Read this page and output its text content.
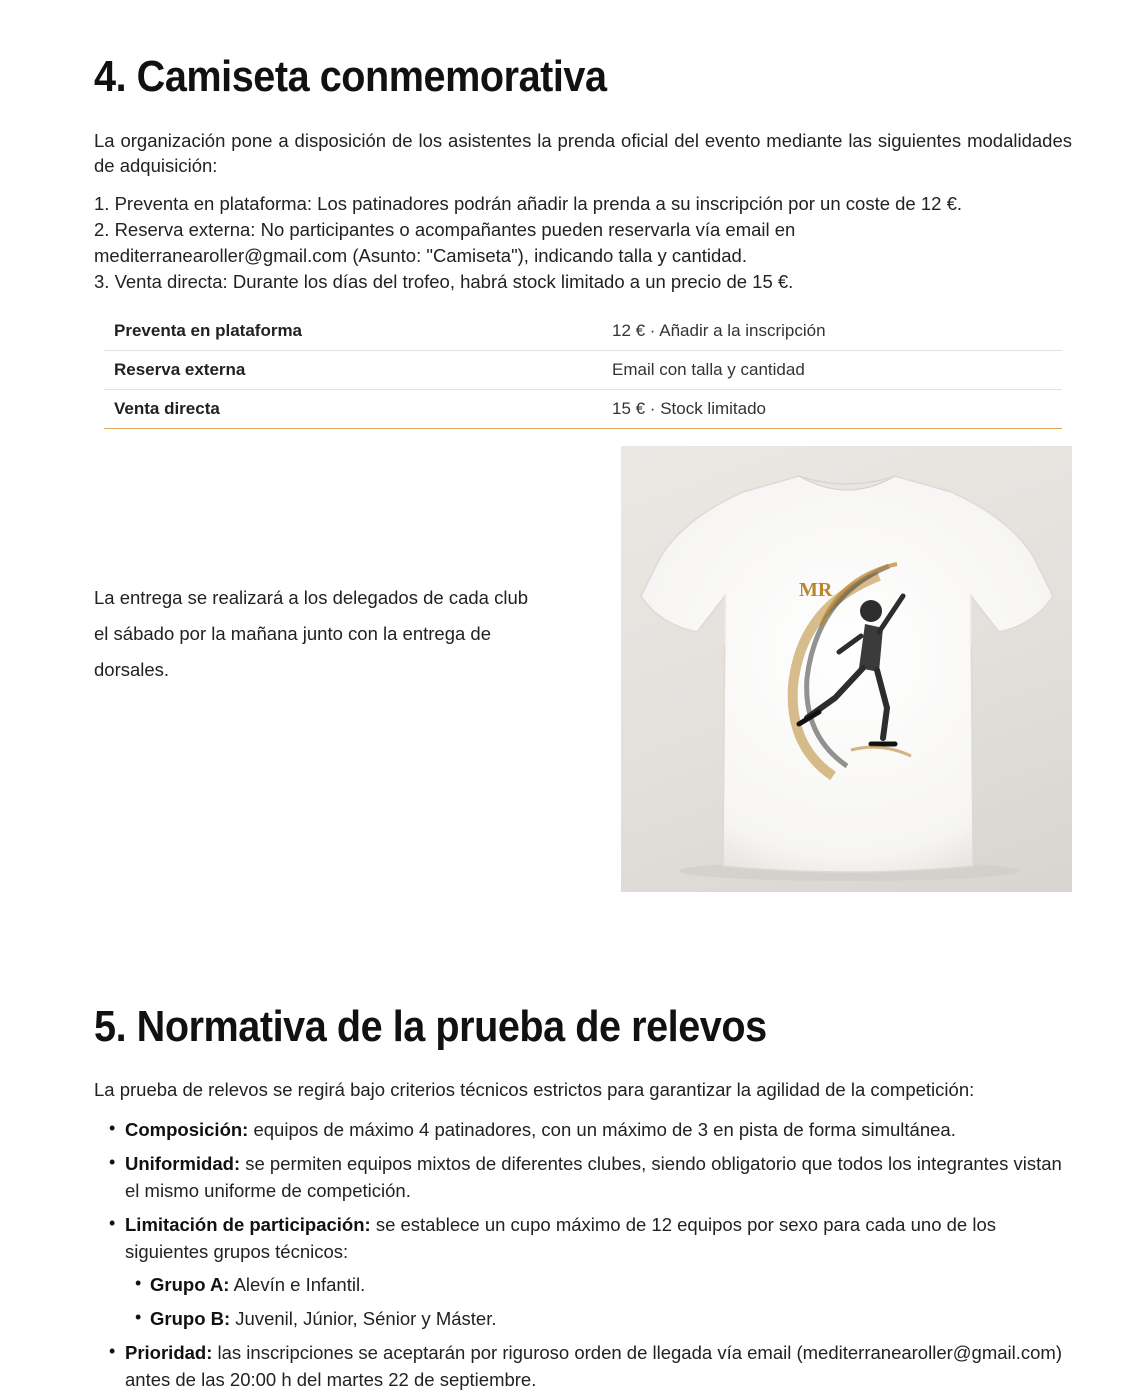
4. Camiseta conmemorativa

La organización pone a disposición de los asistentes la prenda oficial del evento mediante las siguientes modalidades de adquisición:

1. Preventa en plataforma: Los patinadores podrán añadir la prenda a su inscripción por un coste de 12 €.
2. Reserva externa: No participantes o acompañantes pueden reservarla vía email en
mediterranearoller@gmail.com (Asunto: "Camiseta"), indicando talla y cantidad.
3. Venta directa: Durante los días del trofeo, habrá stock limitado a un precio de 15 €.
Preventa en plataforma	12 € · Añadir a la inscripción
Reserva externa	Email con talla y cantidad
Venta directa	15 € · Stock limitado
La entrega se realizará a los delegados de cada club
el sábado por la mañana junto con la entrega de
dorsales.
MR
5. Normativa de la prueba de relevos

La prueba de relevos se regirá bajo criterios técnicos estrictos para garantizar la agilidad de la competición:

• Composición: equipos de máximo 4 patinadores, con un máximo de 3 en pista de forma simultánea.
• Uniformidad: se permiten equipos mixtos de diferentes clubes, siendo obligatorio que todos los integrantes vistan el mismo uniforme de competición.
• Limitación de participación: se establece un cupo máximo de 12 equipos por sexo para cada uno de los siguientes grupos técnicos:
• Grupo A: Alevín e Infantil.
• Grupo B: Juvenil, Júnior, Sénior y Máster.
• Prioridad: las inscripciones se aceptarán por riguroso orden de llegada vía email (mediterranearoller@gmail.com) antes de las 20:00 h del martes 22 de septiembre.
